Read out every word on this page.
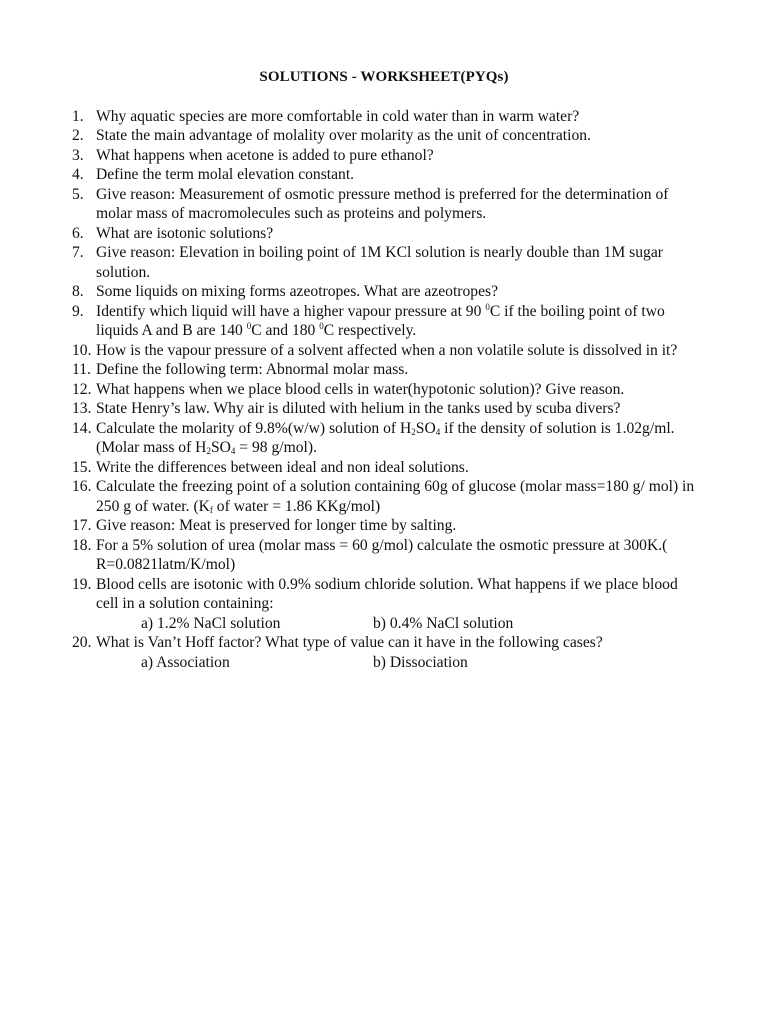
SOLUTIONS - WORKSHEET(PYQs)
1. Why aquatic species are more comfortable in cold water than in warm water?
2. State the main advantage of molality over molarity as the unit of concentration.
3. What happens when acetone is added to pure ethanol?
4. Define the term molal elevation constant.
5. Give reason: Measurement of osmotic pressure method is preferred for the determination of molar mass of macromolecules such as proteins and polymers.
6. What are isotonic solutions?
7. Give reason: Elevation in boiling point of 1M KCl solution is nearly double than 1M sugar solution.
8. Some liquids on mixing forms azeotropes. What are azeotropes?
9. Identify which liquid will have a higher vapour pressure at 90 $^0$C if the boiling point of two liquids A and B are 140 $^0$C and 180 $^0$C respectively.
10. How is the vapour pressure of a solvent affected when a non volatile solute is dissolved in it?
11. Define the following term: Abnormal molar mass.
12. What happens when we place blood cells in water(hypotonic solution)? Give reason.
13. State Henry’s law. Why air is diluted with helium in the tanks used by scuba divers?
14. Calculate the molarity of 9.8%(w/w) solution of $H_2SO_4$ if the density of solution is 1.02g/ml.(Molar mass of $H_2SO_4 = 98$ g/mol).
15. Write the differences between ideal and non ideal solutions.
16. Calculate the freezing point of a solution containing 60g of glucose (molar mass=180 g/ mol) in 250 g of water. ($K_f$ of water = 1.86 KKg/mol)
17. Give reason: Meat is preserved for longer time by salting.
18. For a 5% solution of urea (molar mass = 60 g/mol) calculate the osmotic pressure at 300K.( R=0.0821latm/K/mol)
19. Blood cells are isotonic with 0.9% sodium chloride solution. What happens if we place blood cell in a solution containing:
a) 1.2% NaCl solution	b) 0.4% NaCl solution
20. What is Van’t Hoff factor? What type of value can it have in the following cases?
a) Association	b) Dissociation
